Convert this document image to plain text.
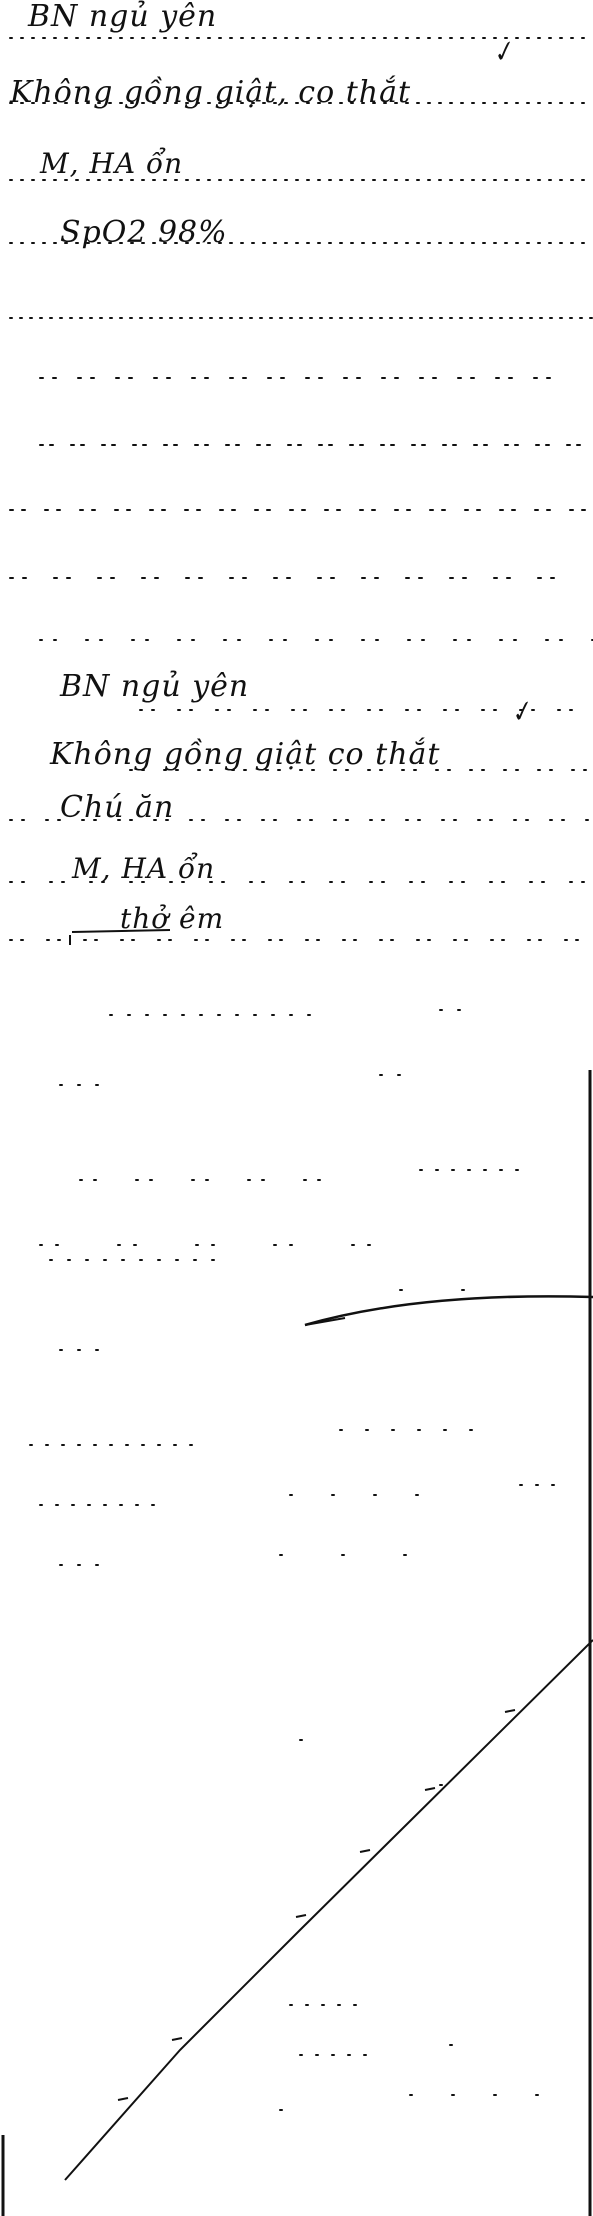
BN ngủ yên
✓
Không gồng giật, co thắt
M, HA ổn
SpO2 98%
BN ngủ yên
✓
Không gồng giật co thắt
Chú ăn
M, HA ổn
thở êm
